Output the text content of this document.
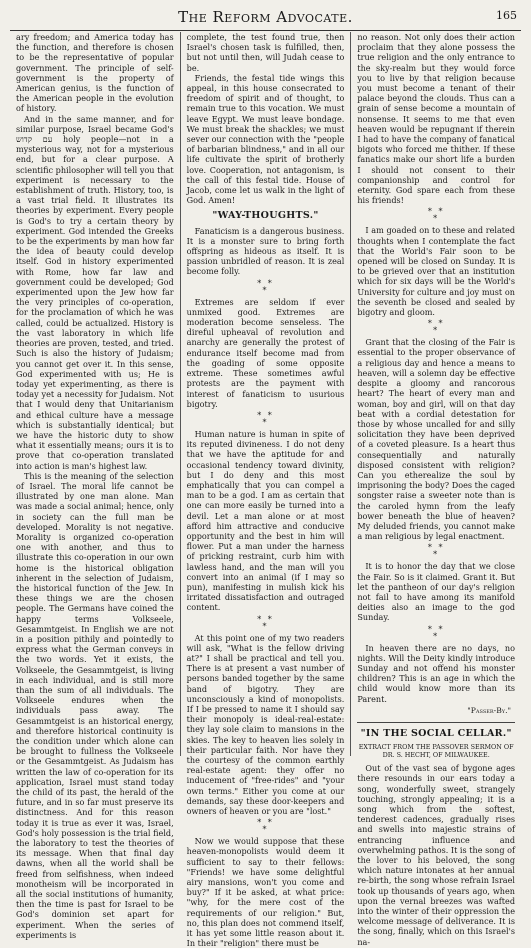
The Reform Advocate.	165

ary freedom; and America today has the function, and therefore is chosen to be the representative of popular government. The principle of self-government is the property of American genius, is the function of the American people in the evolution of history.

And in the same manner, and for similar purpose, Israel became God's עם קדוש holy people—not in a mysterious way, not for a mysterious end, but for a clear purpose. A scientific philosopher will tell you that experiment is necessary to the establishment of truth. History, too, is a vast trial field. It illustrates its theories by experiment. Every people is God's to try a certain theory by experiment. God intended the Greeks to be the experiments by man how far the idea of beauty could develop itself. God in history experimented with Rome, how far law and government could be developed; God experimented upon the Jew how far the very principles of co-operation, for the proclamation of which he was called, could be actualized. History is the vast laboratory in which life theories are proven, tested, and tried. Such is also the history of Judaism; you cannot get over it. In this sense, God experimented with us; He is today yet experimenting, as there is today yet a necessity for Judaism. Not that I would deny that Unitarianism and ethical culture have a message which is substantially identical; but we have the historic duty to show what it essentially means; ours it is to prove that co-operation translated into action is man's highest law.

This is the meaning of the selection of Israel. The moral life cannot be illustrated by one man alone. Man was made a social animal; hence, only in society can the full man be developed. Morality is not negative. Morality is organized co-operation one with another, and thus to illustrate this co-operation in our own home is the historical obligation inherent in the selection of Judaism, the historical function of the Jew. In these things we are the chosen people. The Germans have coined the happy terms Volkseele, Gesammtgeist. In English we are not in a position pithily and pointedly to express what the German conveys in the two words. Yet it exists, the Volkseele, the Gesammtgeist, is living in each individual, and is still more than the sum of all individuals. The Volkseele endures when the individuals pass away. The Gesammtgeist is an historical energy, and therefore historical continuity is the condition under which alone can be brought to fullness the Volkseele or the Gesammtgeist. As Judaism has written the law of co-operation for its application, Israel must stand today the child of its past, the herald of the future, and in so far must preserve its distinctness. And for this reason today it is true as ever it was, Israel, God's holy possession is the trial field, the laboratory to test the theories of its message. When that final day dawns, when all the world shall be freed from selfishness, when indeed monotheism will be incorporated in all the social institutions of humanity, then the time is past for Israel to be God's dominion set apart for experiment. When the series of experiments is

complete, the test found true, then Israel's chosen task is fulfilled, then, but not until then, will Judah cease to be.

Friends, the festal tide wings this appeal, in this house consecrated to freedom of spirit and of thought, to remain true to this vocation. We must leave Egypt. We must leave bondage. We must break the shackles; we must sever our connection with the "people of barbarian blindness," and in all our life cultivate the spirit of brotherly love. Cooperation, not antagonism, is the call of this festal tide. House of Jacob, come let us walk in the light of God. Amen!

"WAY-THOUGHTS."

Fanaticism is a dangerous business. It is a monster sure to bring forth offspring as hideous as itself. It is passion unbridled of reason. It is zeal become folly.

* *
*

Extremes are seldom if ever unmixed good. Extremes are moderation become senseless. The direful upheaval of revolution and anarchy are generally the protest of endurance itself become mad from the goading of some opposite extreme. These sometimes awful protests are the payment with interest of fanaticism to usurious bigotry.

* *
*

Human nature is human in spite of its reputed divineness. I do not deny that we have the aptitude for and occasional tendency toward divinity, but I do deny and this most emphatically that you can compel a man to be a god. I am as certain that one can more easily be turned into a devil. Let a man alone or at most afford him attractive and conducive opportunity and the best in him will flower. Put a man under the harness of pricking restraint, curb him with lawless hand, and the man will you convert into an animal (if I may so pun), manifesting in mulish kick his irritated dissatisfaction and outraged content.

* *
*

At this point one of my two readers will ask, "What is the fellow driving at?" I shall be practical and tell you. There is at present a vast number of persons banded together by the same band of bigotry. They are unconsciously a kind of monopolists. If I be pressed to name it I should say their monopoly is ideal-real-estate: they lay sole claim to mansions in the skies. The key to heaven lies solely in their particular faith. Nor have they the courtesy of the common earthly real-estate agent: they offer no inducement of "free-rides" and "your own terms." Either you come at our demands, say these door-keepers and owners of heaven or you are "lost."

* *
*

Now we would suppose that these heaven-monopolists would deem it sufficient to say to their fellows: "Friends! we have some delightful airy mansions, won't you come and buy?" If it be asked, at what price: "why, for the mere cost of the requirements of our religion." But, no, this plan does not commend itself, it has yet some little reason about it. In their "religion" there must be

no reason. Not only does their action proclaim that they alone possess the true religion and the only entrance to the sky-realm but they would force you to live by that religion because you must become a tenant of their palace beyond the clouds. Thus can a grain of sense become a mountain of nonsense. It seems to me that even heaven would be repugnant if therein I had to have the company of fanatical bigots who forced me thither. If these fanatics make our short life a burden I should not consent to their companionship and control for eternity. God spare each from these his friends!

* *
*

I am goaded on to these and related thoughts when I contemplate the fact that the World's Fair soon to be opened will be closed on Sunday. It is to be grieved over that an institution which for six days will be the World's University for culture and joy must on the seventh be closed and sealed by bigotry and gloom.

* *
*

Grant that the closing of the Fair is essential to the proper observance of a religious day and hence a means to heaven, will a solemn day be effective despite a gloomy and rancorous heart? The heart of every man and woman, boy and girl, will on that day beat with a cordial detestation for those by whose uncalled for and silly solicitation they have been deprived of a coveted pleasure. Is a heart thus consequentially and naturally disposed consistent with religion? Can you etherealize the soul by imprisoning the body? Does the caged songster raise a sweeter note than is the caroled hymn from the leafy bower beneath the blue of heaven? My deluded friends, you cannot make a man religious by legal enactment.

* *
*

It is to honor the day that we close the Fair. So is it claimed. Grant it. But let the pantheon of our day's religion not fail to have among its manifold deities also an image to the god Sunday.

* *
*

In heaven there are no days, no nights. Will the Deity kindly introduce Sunday and not offend his monster children? This is an age in which the child would know more than its Parent.

"Passer-By."
"IN THE SOCIAL CELLAR."
EXTRACT FROM THE PASSOVER SERMON OF DR. S. HECHT, OF MILWAUKEE.

Out of the vast sea of bygone ages there resounds in our ears today a song, wonderfully sweet, strangely touching, strongly appealing; it is a song which from the softest, tenderest cadences, gradually rises and swells into majestic strains of entrancing influence and overwhelming pathos. It is the song of the lover to his beloved, the song which nature intonates at her annual re-birth, the song whose refrain Israel took up thousands of years ago, when upon the vernal breezes was wafted into the winter of their oppression the welcome message of deliverance. It is the song, finally, which on this Israel's na-
